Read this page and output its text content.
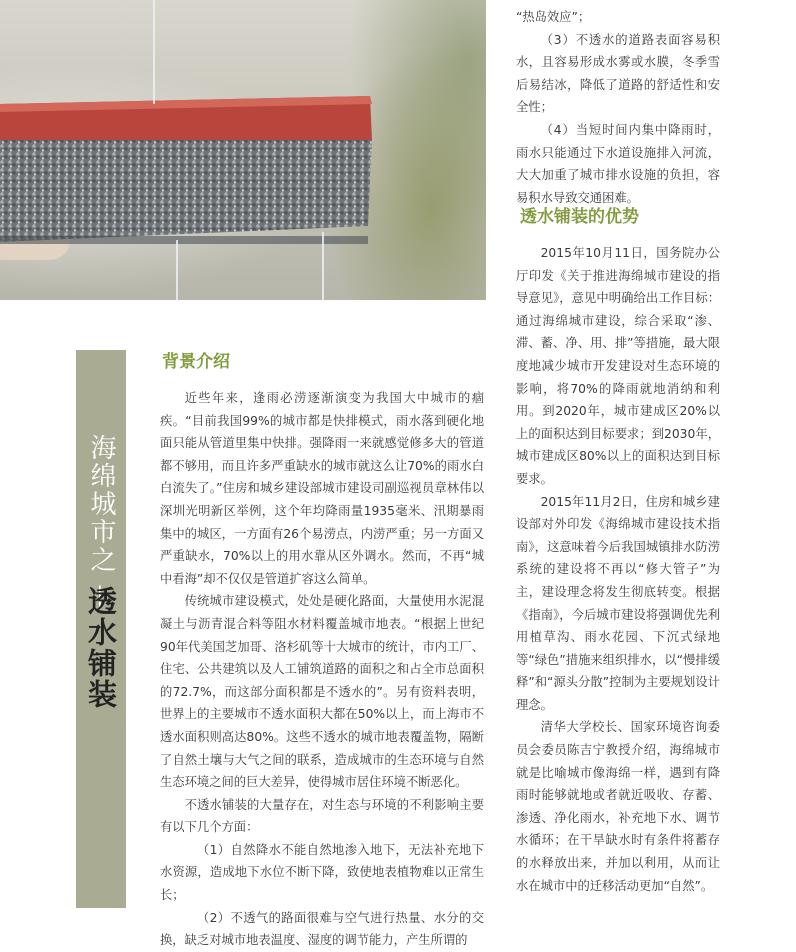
海绵城市之 —
透水铺装
背景介绍

近些年来，逢雨必涝逐渐演变为我国大中城市的痼疾。“目前我国99%的城市都是快排模式，雨水落到硬化地面只能从管道里集中快排。强降雨一来就感觉修多大的管道都不够用，而且许多严重缺水的城市就这么让70%的雨水白白流失了。”住房和城乡建设部城市建设司副巡视员章林伟以深圳光明新区举例，这个年均降雨量1935毫米、汛期暴雨集中的城区，一方面有26个易涝点，内涝严重；另一方面又严重缺水，70%以上的用水靠从区外调水。然而，不再“城中看海”却不仅仅是管道扩容这么简单。

传统城市建设模式，处处是硬化路面，大量使用水泥混凝土与沥青混合料等阻水材料覆盖城市地表。“根据上世纪90年代美国芝加哥、洛杉矶等十大城市的统计，市内工厂、住宅、公共建筑以及人工铺筑道路的面积之和占全市总面积的72.7%，而这部分面积都是不透水的”。另有资料表明，世界上的主要城市不透水面积大都在50%以上，而上海市不透水面积则高达80%。这些不透水的城市地表覆盖物，隔断了自然土壤与大气之间的联系，造成城市的生态环境与自然生态环境之间的巨大差异，使得城市居住环境不断恶化。

不透水铺装的大量存在，对生态与环境的不利影响主要有以下几个方面：

（1）自然降水不能自然地渗入地下，无法补充地下水资源，造成地下水位不断下降，致使地表植物难以正常生长；

（2）不透气的路面很难与空气进行热量、水分的交换，缺乏对城市地表温度、湿度的调节能力，产生所谓的

“热岛效应”；

（3）不透水的道路表面容易积水，且容易形成水雾或水膜，冬季雪后易结冰，降低了道路的舒适性和安全性；

（4）当短时间内集中降雨时，雨水只能通过下水道设施排入河流，大大加重了城市排水设施的负担，容易积水导致交通困难。

透水铺装的优势

2015年10月11日，国务院办公厅印发《关于推进海绵城市建设的指导意见》，意见中明确给出工作目标：通过海绵城市建设，综合采取“渗、滞、蓄、净、用、排”等措施，最大限度地减少城市开发建设对生态环境的影响，将70%的降雨就地消纳和利用。到2020年，城市建成区20%以上的面积达到目标要求；到2030年，城市建成区80%以上的面积达到目标要求。

2015年11月2日，住房和城乡建设部对外印发《海绵城市建设技术指南》，这意味着今后我国城镇排水防涝系统的建设将不再以“修大管子”为主，建设理念将发生彻底转变。根据《指南》，今后城市建设将强调优先利用植草沟、雨水花园、下沉式绿地等“绿色”措施来组织排水，以“慢排缓释”和“源头分散”控制为主要规划设计理念。

清华大学校长、国家环境咨询委员会委员陈吉宁教授介绍，海绵城市就是比喻城市像海绵一样，遇到有降雨时能够就地或者就近吸收、存蓄、渗透、净化雨水，补充地下水、调节水循环；在干旱缺水时有条件将蓄存的水释放出来，并加以利用，从而让水在城市中的迁移活动更加“自然”。
